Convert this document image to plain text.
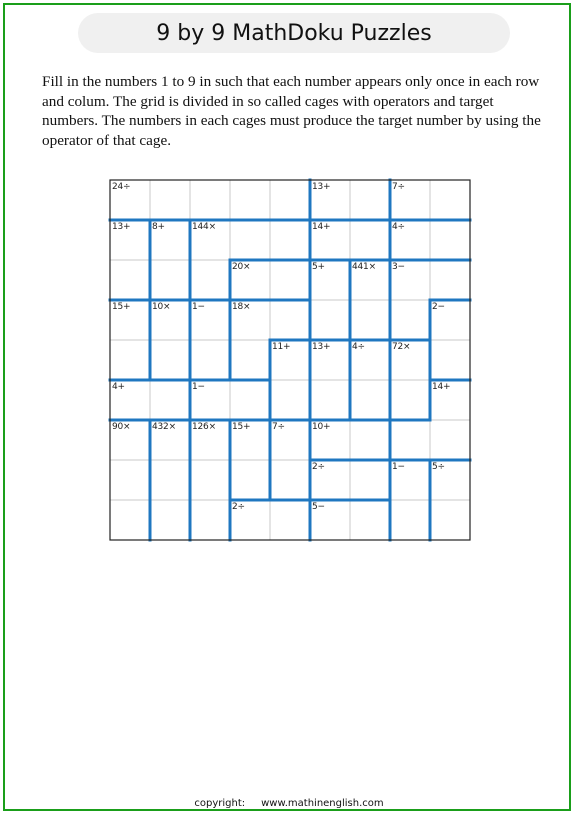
9 by 9 MathDoku Puzzles

Fill in the numbers 1 to 9 in such that each number appears only once in each row and colum. The grid is divided in so called cages with operators and target numbers. The numbers in each cages must produce the target number by using the operator of that cage.

24÷	13+	7÷
13+ 8+	144×	14+	4÷
20×	5+	441× 3−
15+ 10× 1−	18×	2−
11+ 13+ 4÷	72×
4+	1−	14+
90× 432× 126× 15+ 7÷	10+
2÷	1−	5÷
2÷	5−
copyright: www.mathinenglish.com
